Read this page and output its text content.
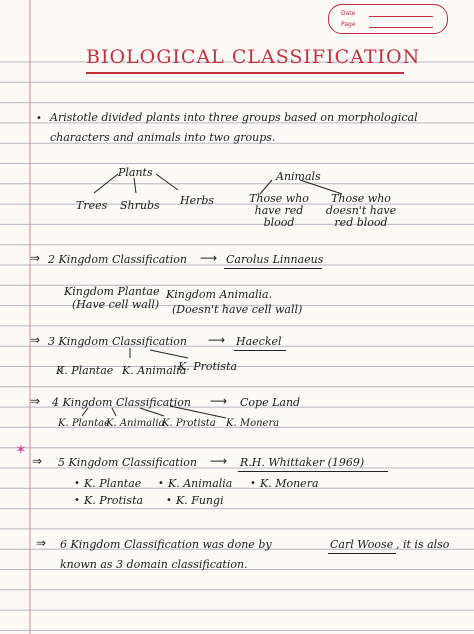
Date
Page
BIOLOGICAL CLASSIFICATION
• Aristotle divided plants into three groups based on morphological
characters and animals into two groups.
Plants
Trees Shrubs Herbs
Animals
Those who have red blood
Those who doesn't have red blood
⇒ 2 Kingdom Classification ⟶ Carolus Linnaeus
Kingdom Plantae
(Have cell wall)
Kingdom Animalia.
(Doesn't have cell wall)
⇒ 3 Kingdom Classification ⟶ Haeckel
K. Plantae K. Animalia
K. Protista
⇒ 4 Kingdom Classification ⟶ Cope Land
K. Plantae
K. Animalia
K. Protista K. Monera
✶
⇒ 5 Kingdom Classification ⟶ R.H. Whittaker (1969)
• K. Plantae • K. Animalia • K. Monera
• K. Protista • K. Fungi
⇒ 6 Kingdom Classification was done by	Carl Woose , it is also
known as 3 domain classification.
